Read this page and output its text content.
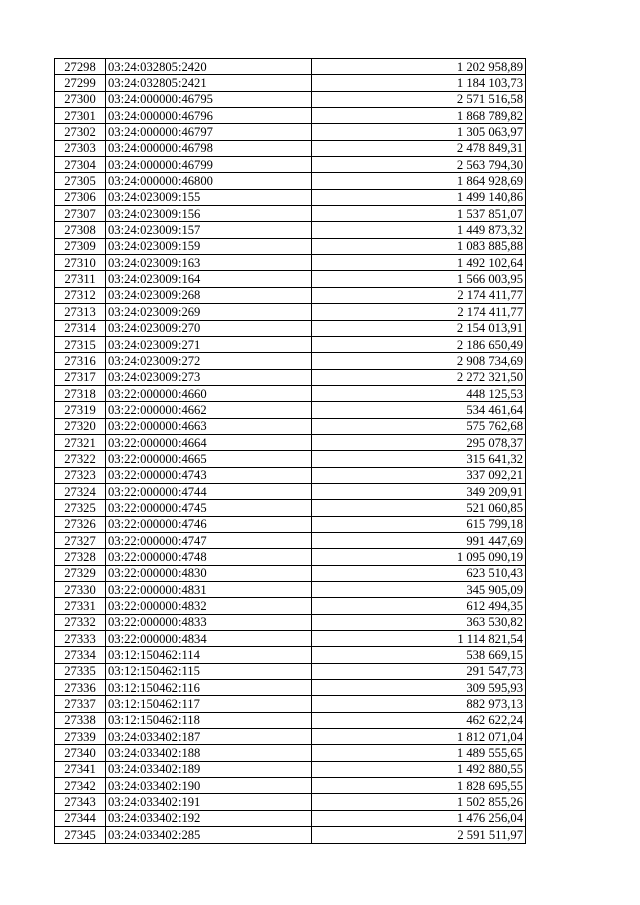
27298	03:24:032805:2420	1 202 958,89
27299	03:24:032805:2421	1 184 103,73
27300	03:24:000000:46795	2 571 516,58
27301	03:24:000000:46796	1 868 789,82
27302	03:24:000000:46797	1 305 063,97
27303	03:24:000000:46798	2 478 849,31
27304	03:24:000000:46799	2 563 794,30
27305	03:24:000000:46800	1 864 928,69
27306	03:24:023009:155	1 499 140,86
27307	03:24:023009:156	1 537 851,07
27308	03:24:023009:157	1 449 873,32
27309	03:24:023009:159	1 083 885,88
27310	03:24:023009:163	1 492 102,64
27311	03:24:023009:164	1 566 003,95
27312	03:24:023009:268	2 174 411,77
27313	03:24:023009:269	2 174 411,77
27314	03:24:023009:270	2 154 013,91
27315	03:24:023009:271	2 186 650,49
27316	03:24:023009:272	2 908 734,69
27317	03:24:023009:273	2 272 321,50
27318	03:22:000000:4660	448 125,53
27319	03:22:000000:4662	534 461,64
27320	03:22:000000:4663	575 762,68
27321	03:22:000000:4664	295 078,37
27322	03:22:000000:4665	315 641,32
27323	03:22:000000:4743	337 092,21
27324	03:22:000000:4744	349 209,91
27325	03:22:000000:4745	521 060,85
27326	03:22:000000:4746	615 799,18
27327	03:22:000000:4747	991 447,69
27328	03:22:000000:4748	1 095 090,19
27329	03:22:000000:4830	623 510,43
27330	03:22:000000:4831	345 905,09
27331	03:22:000000:4832	612 494,35
27332	03:22:000000:4833	363 530,82
27333	03:22:000000:4834	1 114 821,54
27334	03:12:150462:114	538 669,15
27335	03:12:150462:115	291 547,73
27336	03:12:150462:116	309 595,93
27337	03:12:150462:117	882 973,13
27338	03:12:150462:118	462 622,24
27339	03:24:033402:187	1 812 071,04
27340	03:24:033402:188	1 489 555,65
27341	03:24:033402:189	1 492 880,55
27342	03:24:033402:190	1 828 695,55
27343	03:24:033402:191	1 502 855,26
27344	03:24:033402:192	1 476 256,04
27345	03:24:033402:285	2 591 511,97
